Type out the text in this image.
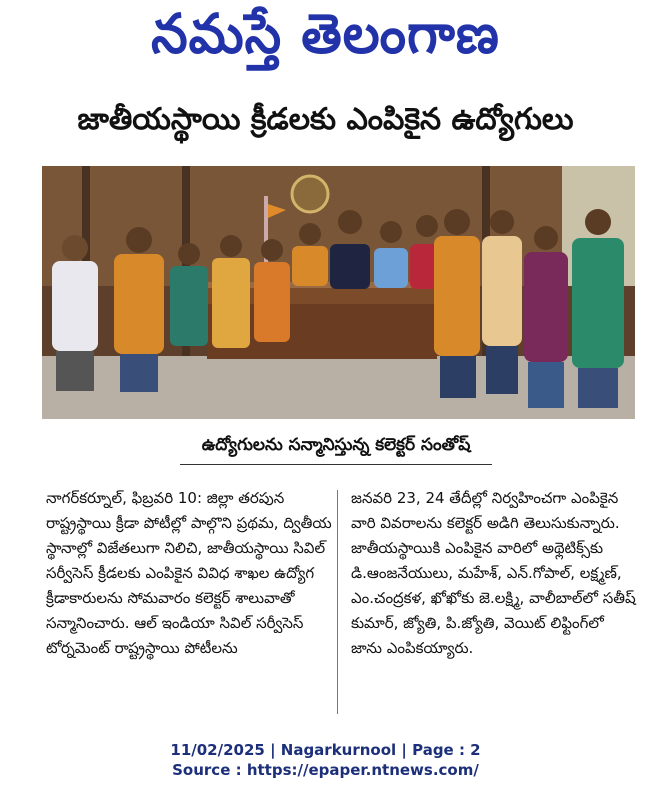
నమస్తే తెలంగాణ
జాతీయస్థాయి క్రీడలకు ఎంపికైన ఉద్యోగులు
ఉద్యోగులను సన్మానిస్తున్న కలెక్టర్ సంతోష్

నాగర్‌కర్నూల్, ఫిబ్రవరి 10: జిల్లా తరపున రాష్ట్రస్థాయి క్రీడా పోటీల్లో పాల్గొని ప్రథమ, ద్వితీయ స్థానాల్లో విజేతలుగా నిలిచి, జాతీయస్థాయి సివిల్ సర్వీసెస్ క్రీడలకు ఎంపికైన వివిధ శాఖల ఉద్యోగ క్రీడాకారులను సోమవారం కలెక్టర్ శాలువాతో సన్మానించారు. ఆల్ ఇండియా సివిల్ సర్వీసెస్ టోర్నమెంట్ రాష్ట్రస్థాయి పోటీలను

జనవరి 23, 24 తేదీల్లో నిర్వహించగా ఎంపికైన వారి వివరాలను కలెక్టర్ అడిగి తెలుసుకున్నారు. జాతీయస్థాయికి ఎంపికైన వారిలో అథ్లెటిక్స్‌కు డి.ఆంజనేయులు, మహేశ్, ఎన్.గోపాల్, లక్ష్మణ్, ఎం.చంద్రకళ, ఖోఖోకు జె.లక్ష్మి, వాలీబాల్‌లో సతీష్ కుమార్, జ్యోతి, పి.జ్యోతి, వెయిట్ లిఫ్టింగ్‌లో జాను ఎంపికయ్యారు.

11/02/2025 | Nagarkurnool | Page : 2
Source : https://epaper.ntnews.com/
